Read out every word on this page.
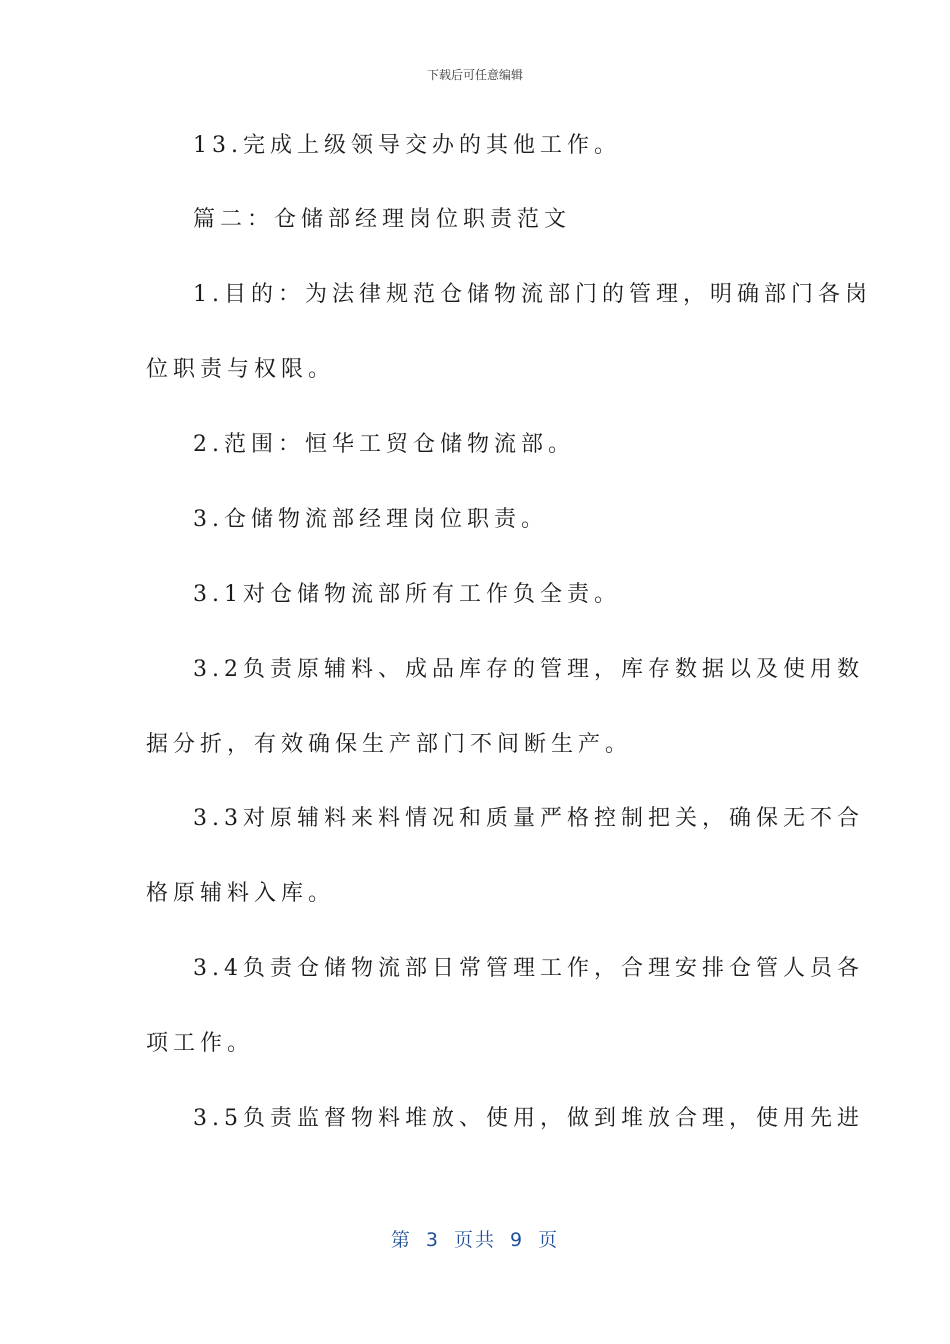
下载后可任意编辑
13.完成上级领导交办的其他工作。
篇二：仓储部经理岗位职责范文
1.目的：为法律规范仓储物流部门的管理，明确部门各岗
位职责与权限。
2.范围：恒华工贸仓储物流部。
3.仓储物流部经理岗位职责。
3.1对仓储物流部所有工作负全责。
3.2负责原辅料、成品库存的管理，库存数据以及使用数
据分折，有效确保生产部门不间断生产。
3.3对原辅料来料情况和质量严格控制把关，确保无不合
格原辅料入库。
3.4负责仓储物流部日常管理工作，合理安排仓管人员各
项工作。
3.5负责监督物料堆放、使用，做到堆放合理，使用先进
第 3 页共 9 页
